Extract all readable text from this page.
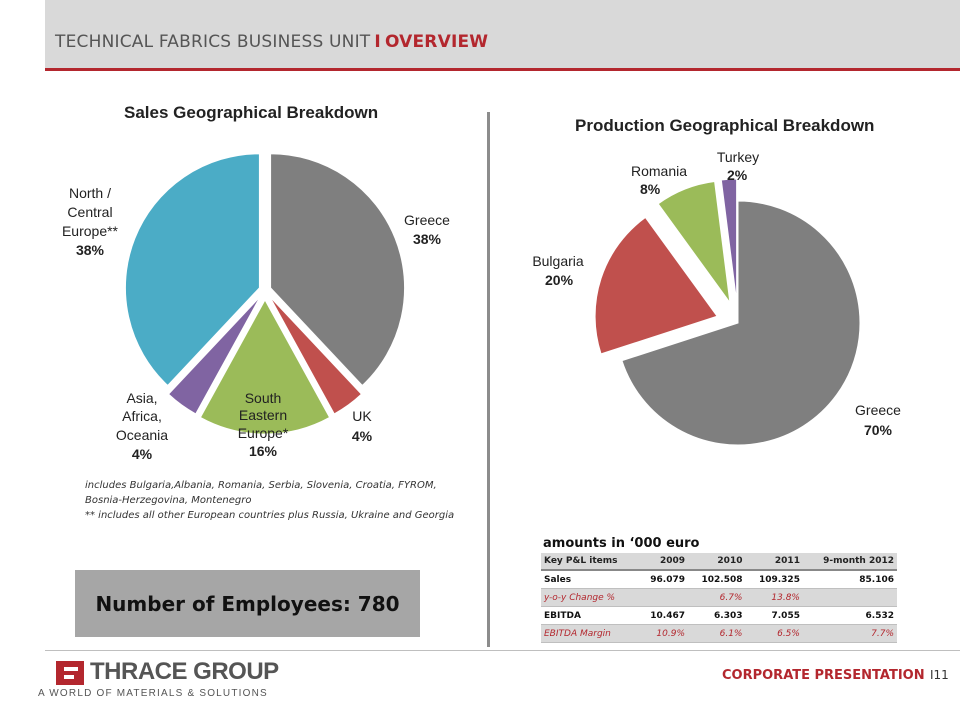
TECHNICAL FABRICS BUSINESS UNIT I OVERVIEW
Sales Geographical Breakdown
Production Geographical Breakdown
Greece
38%
UK
4%
South
Eastern
Europe*
16%
Asia,
Africa,
Oceania
4%
North /
Central
Europe**
38%
Greece
70%
Bulgaria
20%
Romania
8%
Turkey
2%
includes Bulgaria,Albania, Romania, Serbia, Slovenia, Croatia, FYROM,
Bosnia-Herzegovina, Montenegro
** includes all other European countries plus Russia, Ukraine and Georgia
Number of Employees: 780
amounts in ‘000 euro
Key P&L items	2009	2010	2011	9-month 2012
Sales	96.079	102.508	109.325	85.106
y-o-y Change %		6.7%	13.8%	
EBITDA	10.467	6.303	7.055	6.532
EBITDA Margin	10.9%	6.1%	6.5%	7.7%
THRACE GROUP
A WORLD OF MATERIALS & SOLUTIONS
CORPORATE PRESENTATION I11
